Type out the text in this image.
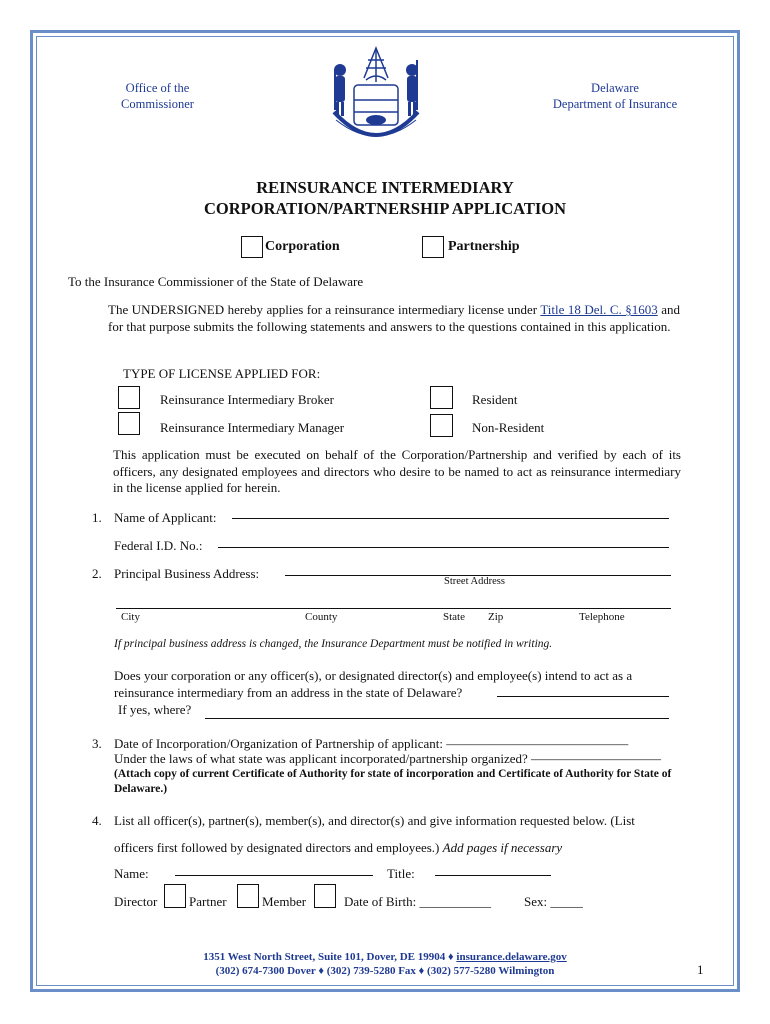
Office of the
Commissioner
Delaware
Department of Insurance
REINSURANCE INTERMEDIARY
CORPORATION/PARTNERSHIP APPLICATION
Corporation	Partnership
To the Insurance Commissioner of the State of Delaware
The UNDERSIGNED hereby applies for a reinsurance intermediary license under Title 18 Del. C. §1603 and for that purpose submits the following statements and answers to the questions contained in this application.
TYPE OF LICENSE APPLIED FOR:
Reinsurance Intermediary Broker	Resident
Reinsurance Intermediary Manager	Non-Resident
This application must be executed on behalf of the Corporation/Partnership and verified by each of its officers, any designated employees and directors who desire to be named to act as reinsurance intermediary in the license applied for herein.
1. Name of Applicant:
Federal I.D. No.:
2. Principal Business Address:
Street Address
City	County	State Zip	Telephone
If principal business address is changed, the Insurance Department must be notified in writing.
Does your corporation or any officer(s), or designated director(s) and employee(s) intend to act as a reinsurance intermediary from an address in the state of Delaware?
If yes, where?
3. Date of Incorporation/Organization of Partnership of applicant: ——————————————
Under the laws of what state was applicant incorporated/partnership organized? ——————————
(Attach copy of current Certificate of Authority for state of incorporation and Certificate of Authority for State of Delaware.)
4. List all officer(s), partner(s), member(s), and director(s) and give information requested below. (List
officers first followed by designated directors and employees.) Add pages if necessary
Name:	Title:
Director Partner	Member	Date of Birth: ___________	Sex: _____
1351 West North Street, Suite 101, Dover, DE 19904 ♦ insurance.delaware.gov
(302) 674-7300 Dover ♦ (302) 739-5280 Fax ♦ (302) 577-5280 Wilmington	1
